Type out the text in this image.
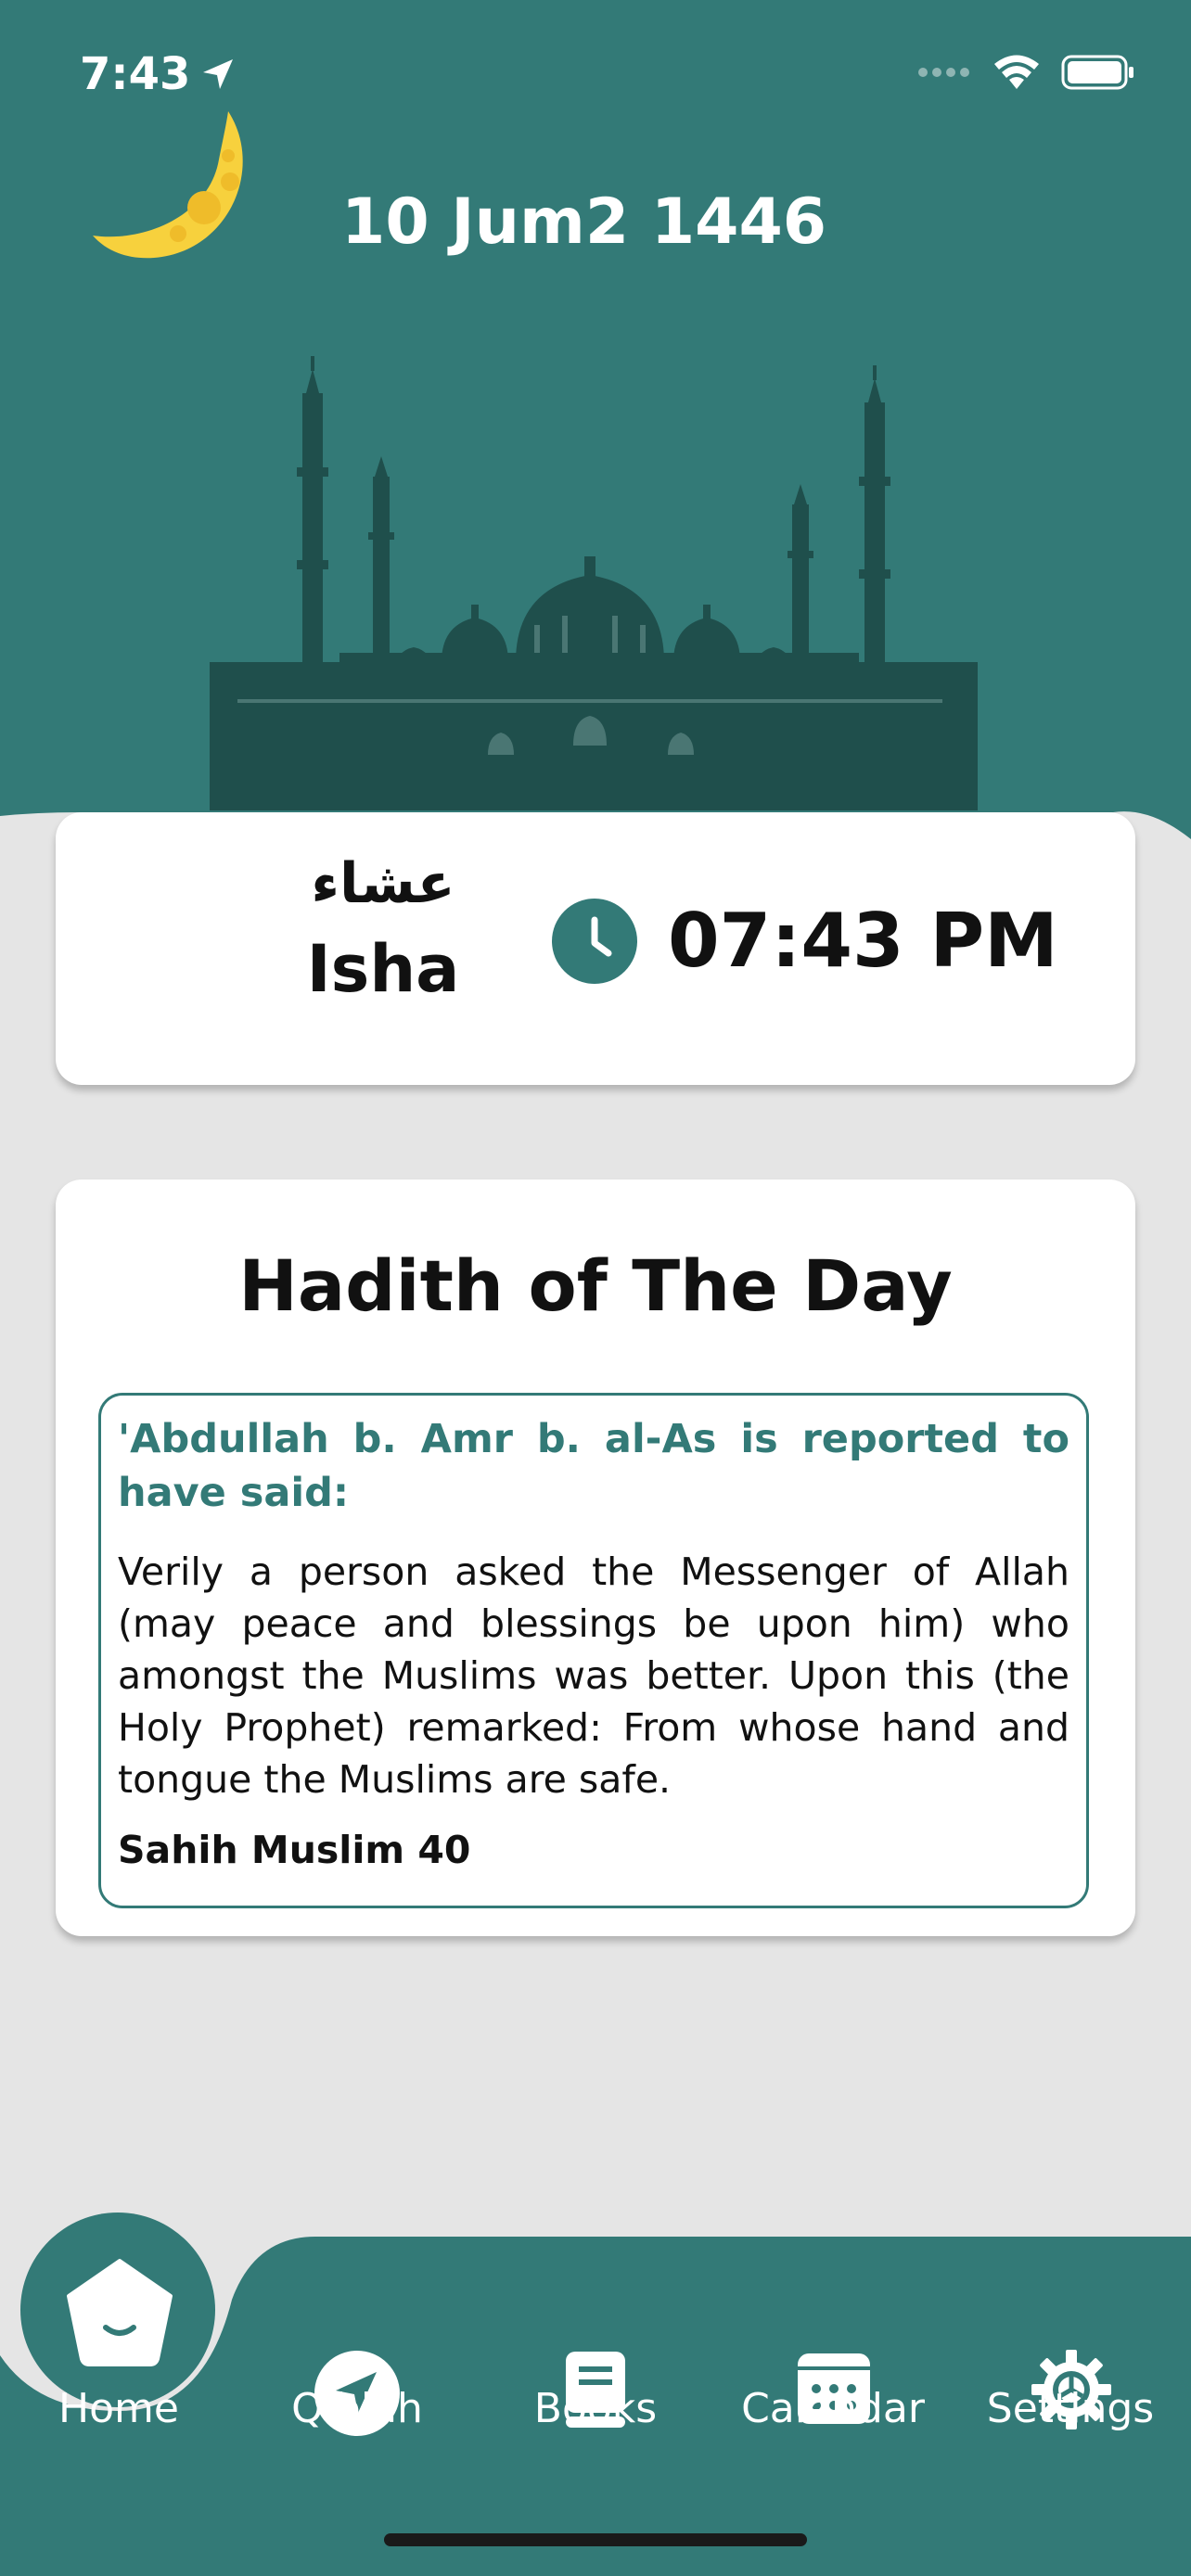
7:43
10 Jum2 1446
عشاء
Isha	07:43 PM
Hadith of The Day
'Abdullah b. Amr b. al-As is reported to have said:
Verily a person asked the Messenger of Allah (may peace and blessings be upon him) who amongst the Muslims was better. Upon this (the Holy Prophet) remarked: From whose hand and tongue the Muslims are safe.
Sahih Muslim 40
Home	Qiblah	Books	Calendar	Settings
